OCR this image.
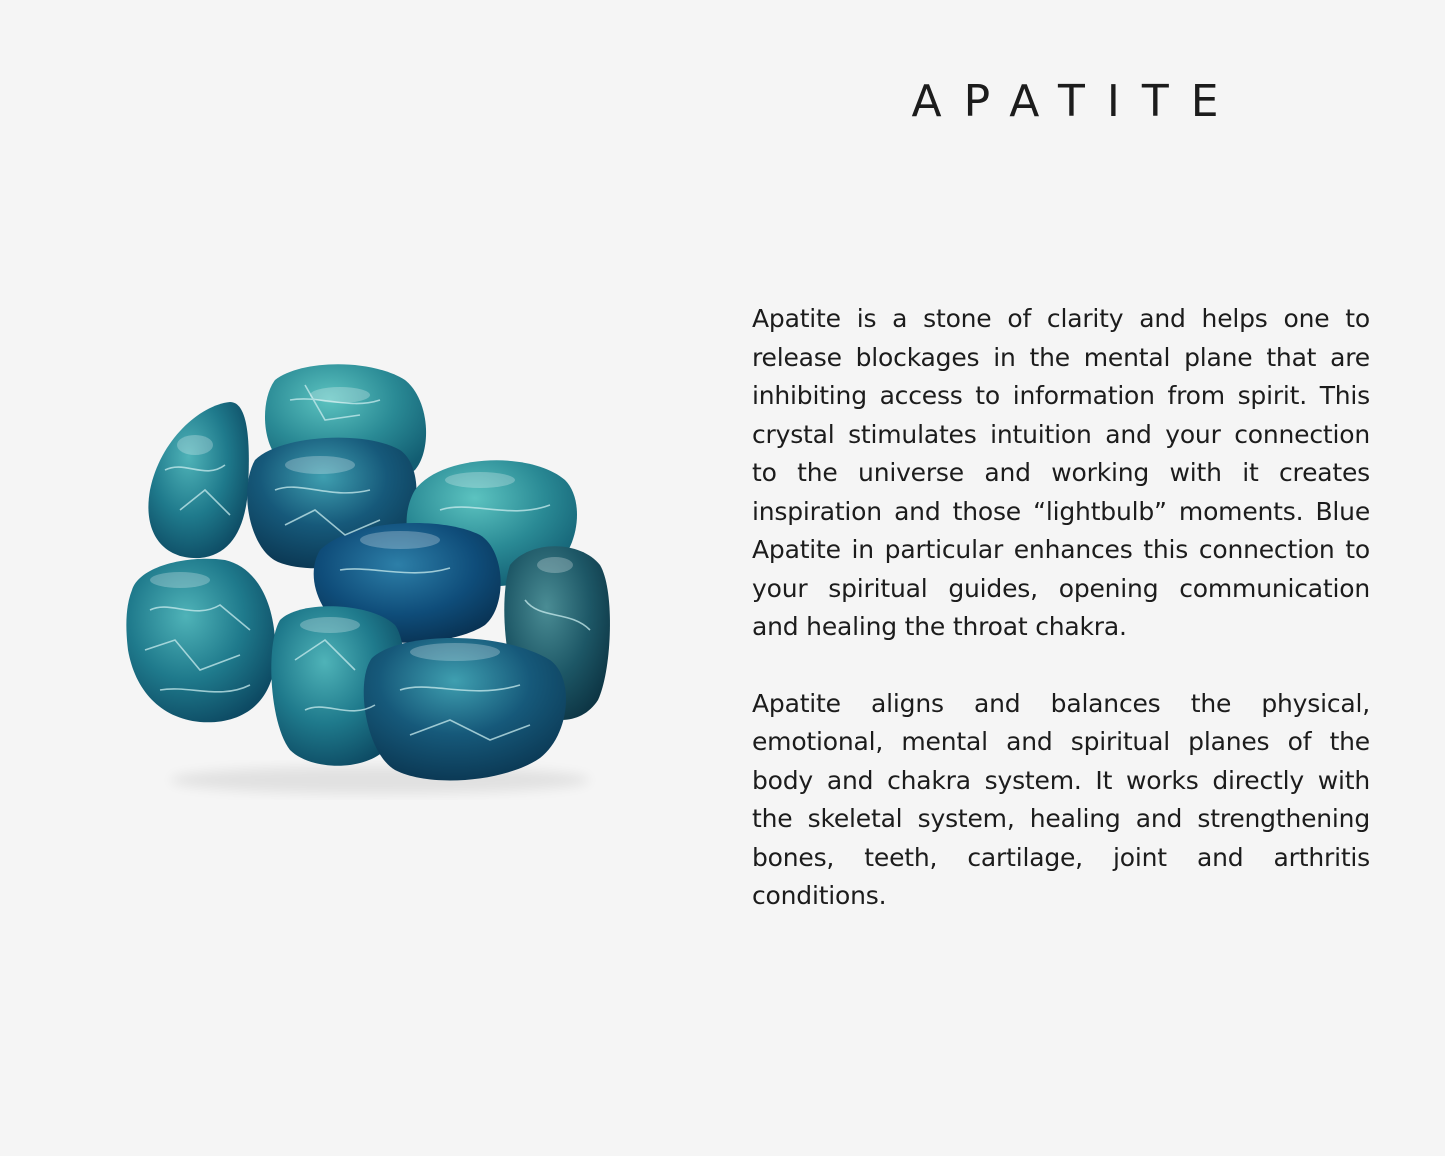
APATITE

Apatite is a stone of clarity and helps one to release blockages in the mental plane that are inhibiting access to information from spirit. This crystal stimulates intuition and your connection to the universe and working with it creates inspiration and those “lightbulb” moments. Blue Apatite in particular enhances this connection to your spiritual guides, opening communication and healing the throat chakra.

Apatite aligns and balances the physical, emotional, mental and spiritual planes of the body and chakra system. It works directly with the skeletal system, healing and strengthening bones, teeth, cartilage, joint and arthritis conditions.
